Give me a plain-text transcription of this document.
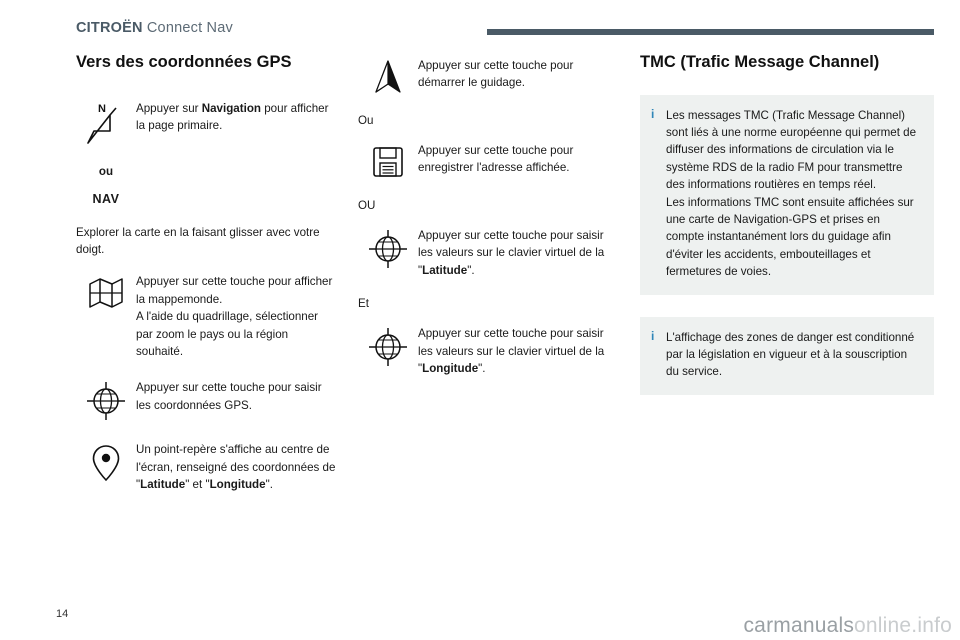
CITROËN Connect Nav
Vers des coordonnées GPS
N	Appuyer sur Navigation pour afficher la page primaire.
ou
NAV

Explorer la carte en la faisant glisser avec votre doigt.

Appuyer sur cette touche pour afficher la mappemonde.
A l'aide du quadrillage, sélectionner par zoom le pays ou la région souhaité.
Appuyer sur cette touche pour saisir les coordonnées GPS.
Un point-repère s'affiche au centre de l'écran, renseigné des coordonnées de "Latitude" et "Longitude".
Appuyer sur cette touche pour démarrer le guidage.

Ou

Appuyer sur cette touche pour enregistrer l'adresse affichée.

OU

Appuyer sur cette touche pour saisir les valeurs sur le clavier virtuel de la "Latitude".

Et

Appuyer sur cette touche pour saisir les valeurs sur le clavier virtuel de la "Longitude".
TMC (Trafic Message Channel)
i Les messages TMC (Trafic Message Channel) sont liés à une norme européenne qui permet de diffuser des informations de circulation via le système RDS de la radio FM pour transmettre des informations routières en temps réel.

Les informations TMC sont ensuite affichées sur une carte de Navigation-GPS et prises en compte instantanément lors du guidage afin d'éviter les accidents, embouteillages et fermetures de voies.

i L'affichage des zones de danger est conditionné par la législation en vigueur et à la souscription du service.

14	carmanualsonline.info
